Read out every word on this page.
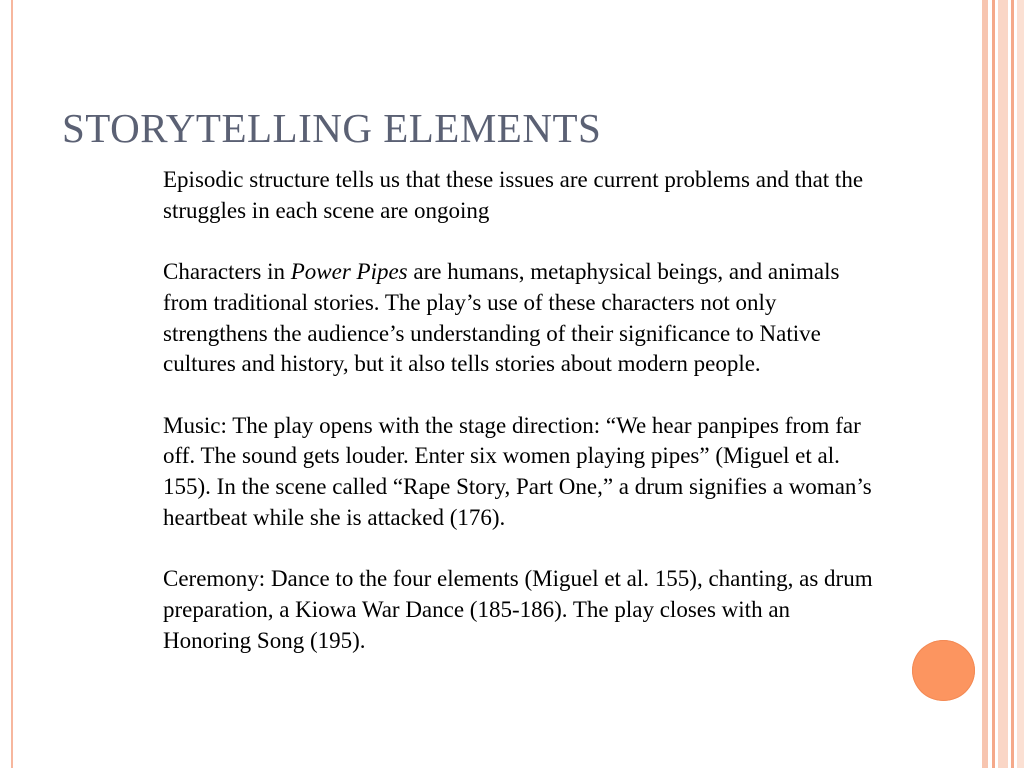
STORYTELLING ELEMENTS

Episodic structure tells us that these issues are current problems and that the struggles in each scene are ongoing

Characters in Power Pipes are humans, metaphysical beings, and animals from traditional stories. The play’s use of these characters not only strengthens the audience’s understanding of their significance to Native cultures and history, but it also tells stories about modern people.

Music: The play opens with the stage direction: “We hear panpipes from far off. The sound gets louder. Enter six women playing pipes” (Miguel et al. 155). In the scene called “Rape Story, Part One,” a drum signifies a woman’s heartbeat while she is attacked (176).

Ceremony: Dance to the four elements (Miguel et al. 155), chanting, as drum preparation, a Kiowa War Dance (185-186). The play closes with an Honoring Song (195).
